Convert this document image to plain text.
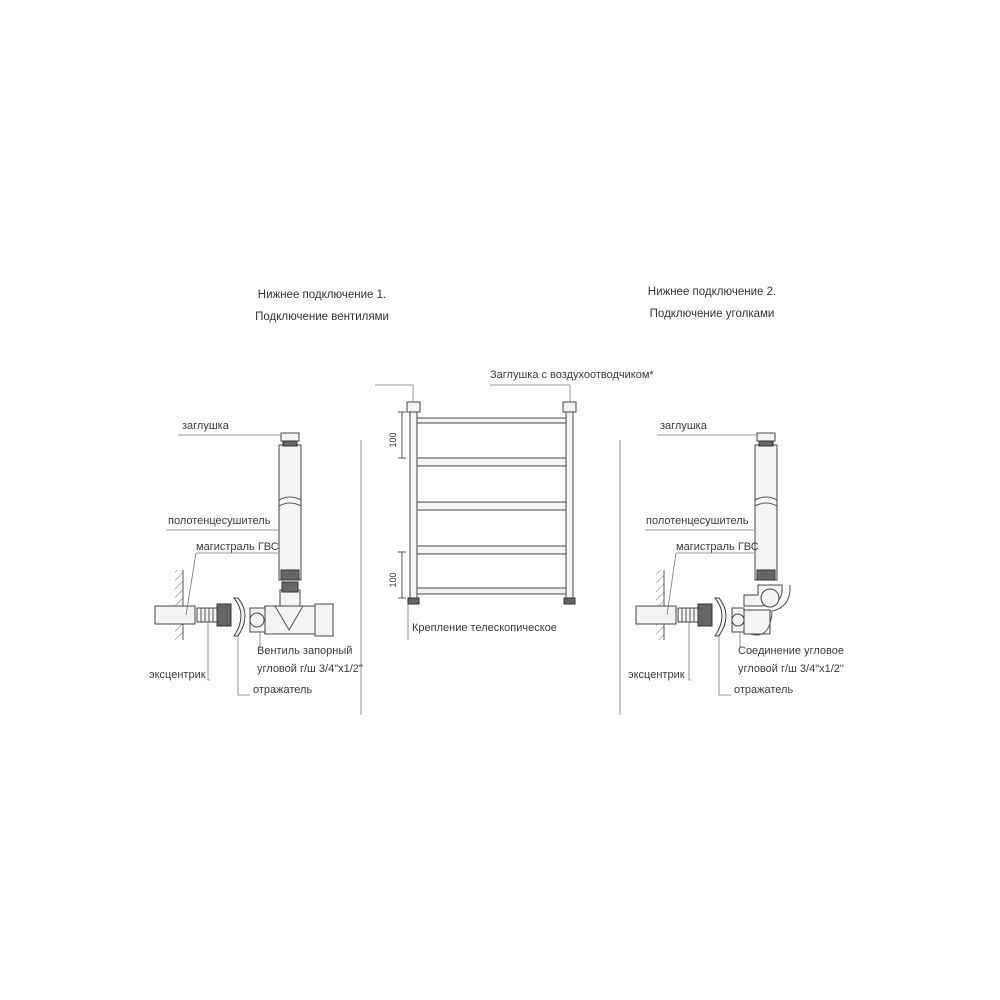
100
100
Нижнее подключение 1.
Подключение вентилями
Нижнее подключение 2.
Подключение уголками
заглушка
полотенцесушитель
магистраль ГВС
Вентиль запорный
угловой г/ш 3/4"х1/2"
эксцентрик
отражатель
Заглушка с воздухоотводчиком*
Крепление телескопическое
заглушка
полотенцесушитель
магистраль ГВС
Соединение угловое
угловой г/ш 3/4"х1/2"
эксцентрик
отражатель
